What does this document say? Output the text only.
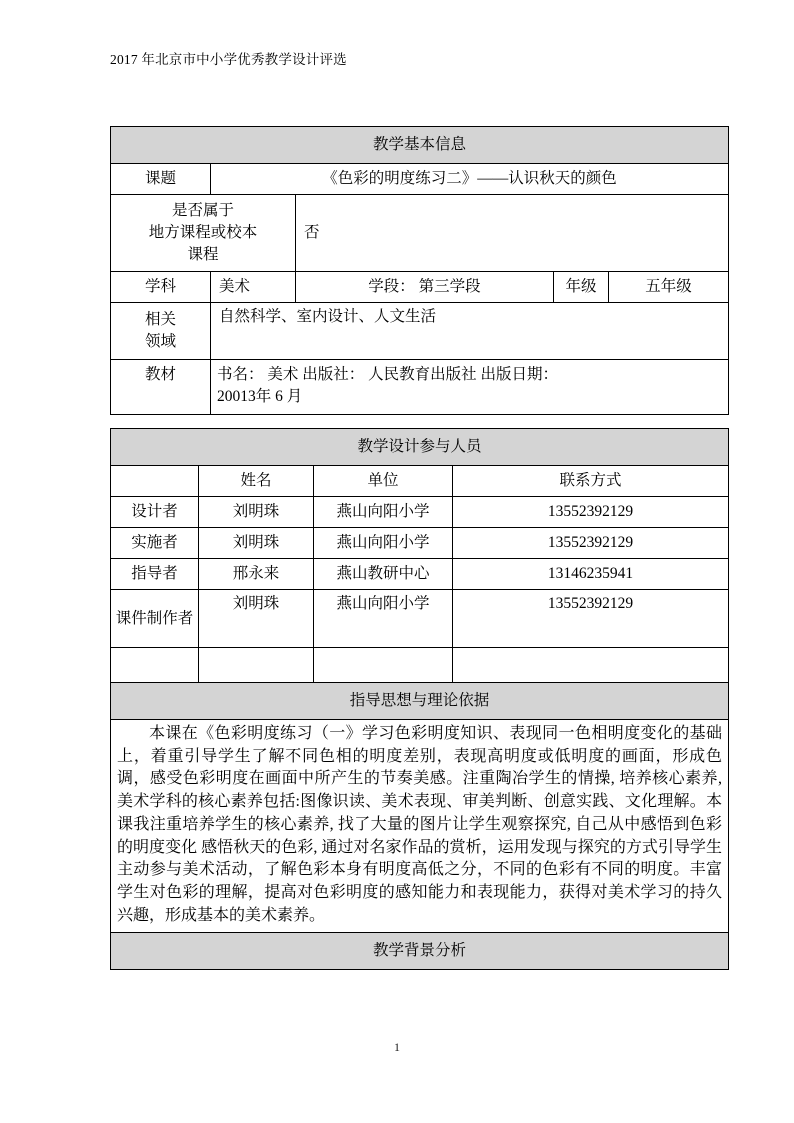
2017 年北京市中小学优秀教学设计评选
教学基本信息				
课题	《色彩的明度练习二》——认识秋天的颜色			

是否属于
地方课程或校本
课程		否		
学科	美术	学段： 第三学段	年级	五年级

相关
领域	自然科学、室内设计、人文生活			
教材	书名： 美术 出版社： 人民教育出版社 出版日期：
20013年 6 月			
教学设计参与人员			
	姓名	单位	联系方式
设计者	刘明珠	燕山向阳小学	13552392129
实施者	刘明珠	燕山向阳小学	13552392129
指导者	邢永来	燕山教研中心	13146235941
课件制作者	刘明珠	燕山向阳小学	13552392129

指导思想与理论依据			

本课在《色彩明度练习（一》学习色彩明度知识、表现同一色相明度变化的基础上，着重引导学生了解不同色相的明度差别，表现高明度或低明度的画面，形成色调，感受色彩明度在画面中所产生的节奏美感。注重陶冶学生的情操, 培养核心素养, 美术学科的核心素养包括:图像识读、美术表现、审美判断、创意实践、文化理解。本课我注重培养学生的核心素养, 找了大量的图片让学生观察探究, 自己从中感悟到色彩的明度变化 感悟秋天的色彩, 通过对名家作品的赏析，运用发现与探究的方式引导学生主动参与美术活动，了解色彩本身有明度高低之分，不同的色彩有不同的明度。丰富学生对色彩的理解，提高对色彩明度的感知能力和表现能力，获得对美术学习的持久兴趣，形成基本的美术素养。			

教学背景分析			
1
